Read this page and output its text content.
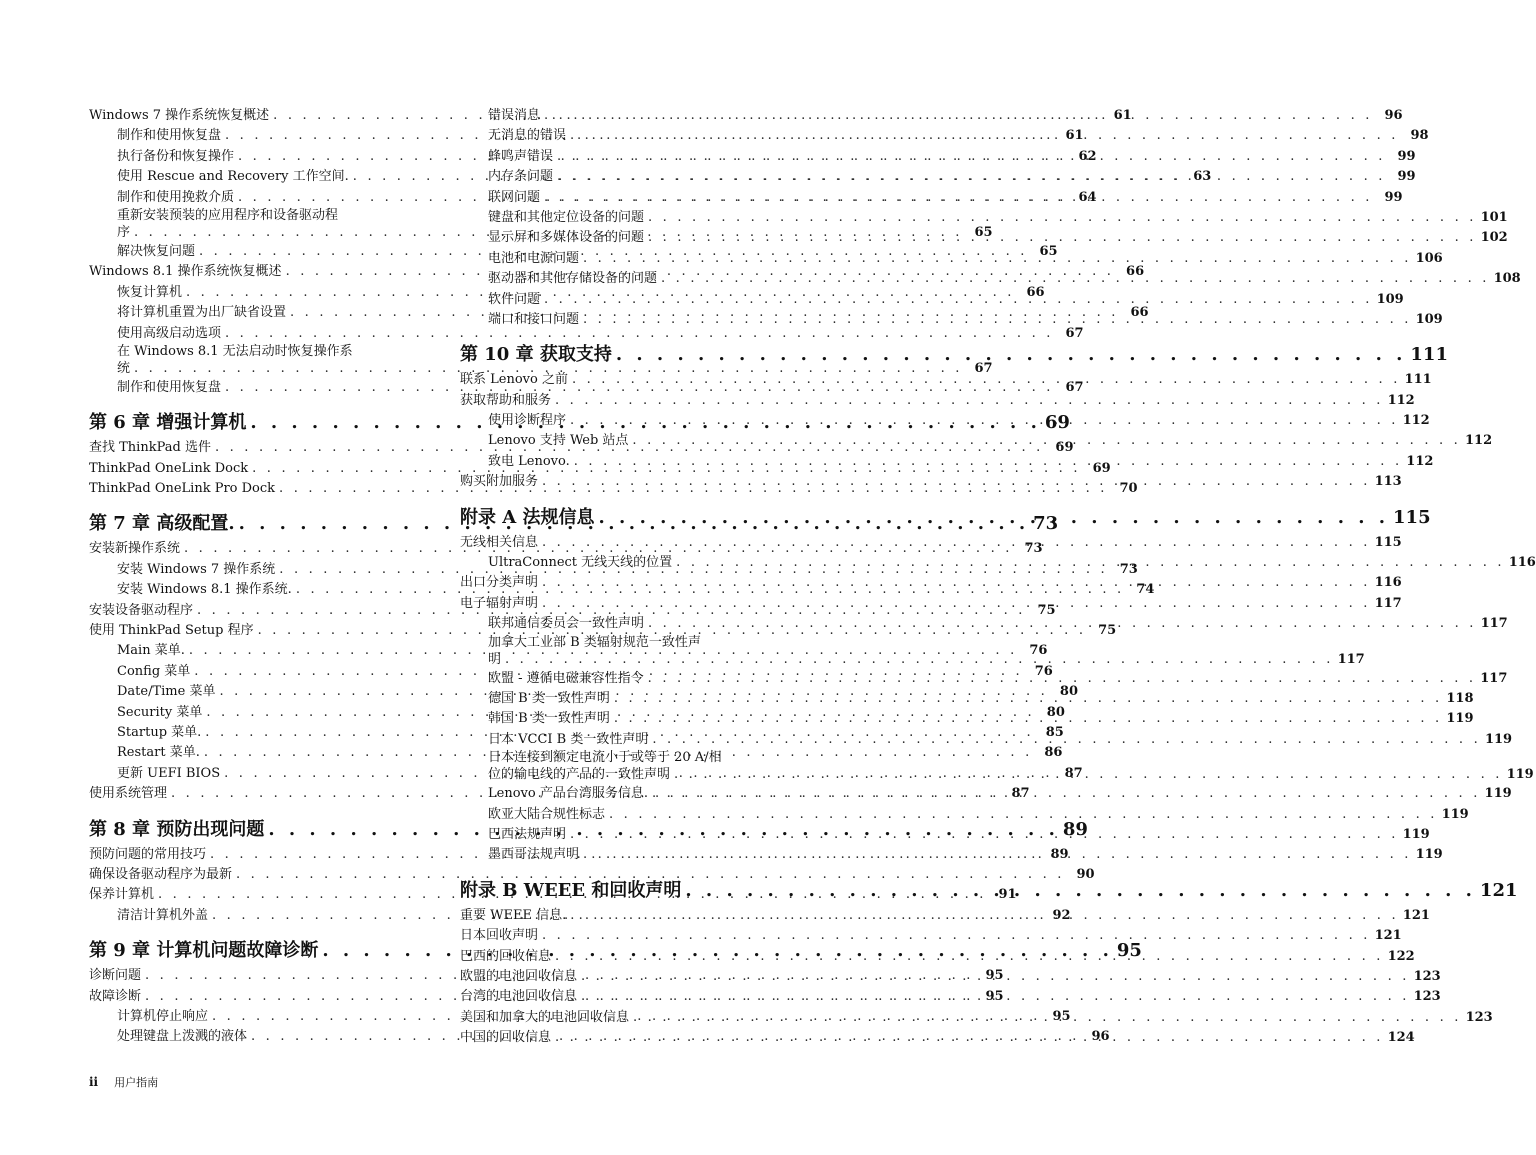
Windows 7 操作系统恢复概述 . . .	61
制作和使用恢复盘 . . .	61
执行备份和恢复操作 . . .	62
使用 Rescue and Recovery 工作空间. . . .	63
制作和使用挽救介质 . . .	64
重新安装预装的应用程序和设备驱动程
序 . . .	65
解决恢复问题 . . .	65
Windows 8.1 操作系统恢复概述 . . .	66
恢复计算机 . . .	66
将计算机重置为出厂缺省设置 . . .	66
使用高级启动选项 . . .	67
在 Windows 8.1 无法启动时恢复操作系
统 . . .	67
制作和使用恢复盘 . . .	67
第 6 章 增强计算机 . . .	69
查找 ThinkPad 选件 . . .	69
ThinkPad OneLink Dock . . .	69
ThinkPad OneLink Pro Dock . . .	70
第 7 章 高级配置. . . .	73
安装新操作系统 . . .	73
安装 Windows 7 操作系统 . . .	73
安装 Windows 8.1 操作系统. . . .	74
安装设备驱动程序 . . .	75
使用 ThinkPad Setup 程序 . . .	75
Main 菜单. . . .	76
Config 菜单 . . .	76
Date/Time 菜单 . . .	80
Security 菜单 . . .	80
Startup 菜单. . . .	85
Restart 菜单. . . .	86
更新 UEFI BIOS . . .	87
使用系统管理 . . .	87
第 8 章 预防出现问题 . . .	89
预防问题的常用技巧 . . .	89
确保设备驱动程序为最新 . . .	90
保养计算机 . . .	91
清洁计算机外盖 . . .	92
第 9 章 计算机问题故障诊断 . . .	95
诊断问题 . . .	95
故障诊断 . . .	95
计算机停止响应 . . .	95
处理键盘上泼溅的液体 . . .	96
错误消息 . . .	96
无消息的错误 . . .	98
蜂鸣声错误 . . .	99
内存条问题 . . .	99
联网问题 . . .	99
键盘和其他定位设备的问题 . . .	101
显示屏和多媒体设备的问题 . . .	102
电池和电源问题 . . .	106
驱动器和其他存储设备的问题 . . .	108
软件问题 . . .	109
端口和接口问题 . . .	109
第 10 章 获取支持 . . .	111
联系 Lenovo 之前 . . .	111
获取帮助和服务 . . .	112
使用诊断程序 . . .	112
Lenovo 支持 Web 站点 . . .	112
致电 Lenovo. . . .	112
购买附加服务 . . .	113
附录 A 法规信息 . . .	115
无线相关信息 . . .	115
UltraConnect 无线天线的位置 . . .	116
出口分类声明 . . .	116
电子辐射声明 . . .	117
联邦通信委员会一致性声明 . . .	117
加拿大工业部 B 类辐射规范一致性声
明 . . .	117
欧盟 - 遵循电磁兼容性指令 . . .	117
德国 B 类一致性声明 . . .	118
韩国 B 类一致性声明 . . .	119
日本 VCCI B 类一致性声明 . . .	119
日本连接到额定电流小于或等于 20 A/相
位的输电线的产品的一致性声明 . . .	119
Lenovo 产品台湾服务信息. . . .	119
欧亚大陆合规性标志 . . .	119
巴西法规声明 . . .	119
墨西哥法规声明 . . .	119
附录 B WEEE 和回收声明 . . .	121
重要 WEEE 信息. . . .	121
日本回收声明 . . .	121
巴西的回收信息 . . .	122
欧盟的电池回收信息 . . .	123
台湾的电池回收信息 . . .	123
美国和加拿大的电池回收信息 . . .	123
中国的回收信息 . . .	124
ii 用户指南
